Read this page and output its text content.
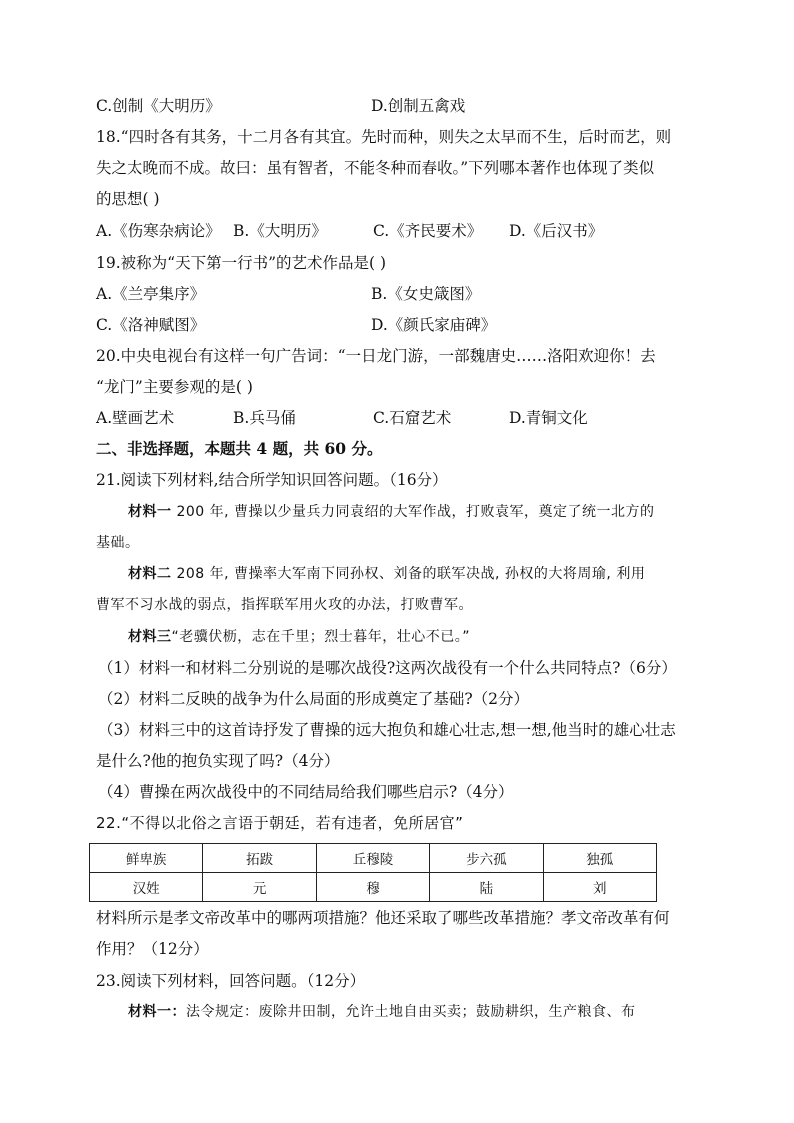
C.创制《大明历》	D.创制五禽戏
18.“四时各有其务，十二月各有其宜。先时而种，则失之太早而不生，后时而艺，则
失之太晚而不成。故曰：虽有智者，不能冬种而春收。”下列哪本著作也体现了类似
的思想( )
A.《伤寒杂病论》 B.《大明历》	C.《齐民要术》 D.《后汉书》
19.被称为“天下第一行书”的艺术作品是( )
A.《兰亭集序》	B.《女史箴图》
C.《洛神赋图》	D.《颜氏家庙碑》
20.中央电视台有这样一句广告词：“一日龙门游，一部魏唐史……洛阳欢迎你！去
“龙门”主要参观的是( )
A.壁画艺术	B.兵马俑	C.石窟艺术	D.青铜文化
二、非选择题，本题共 4 题，共 60 分。
21.阅读下列材料,结合所学知识回答问题。（16分）
材料一 200 年, 曹操以少量兵力同袁绍的大军作战，打败袁军，奠定了统一北方的
基础。
材料二 208 年, 曹操率大军南下同孙权、刘备的联军决战, 孙权的大将周瑜, 利用
曹军不习水战的弱点，指挥联军用火攻的办法，打败曹军。
材料三“老骥伏枥，志在千里；烈士暮年，壮心不已。”
（1）材料一和材料二分别说的是哪次战役?这两次战役有一个什么共同特点?（6分）
（2）材料二反映的战争为什么局面的形成奠定了基础?（2分）
（3）材料三中的这首诗抒发了曹操的远大抱负和雄心壮志,想一想,他当时的雄心壮志
是什么?他的抱负实现了吗?（4分）
（4）曹操在两次战役中的不同结局给我们哪些启示?（4分）
22.“不得以北俗之言语于朝廷，若有违者，免所居官”
鲜卑族	拓跋	丘穆陵	步六孤	独孤
汉姓	元	穆	陆	刘
材料所示是孝文帝改革中的哪两项措施？他还采取了哪些改革措施？孝文帝改革有何
作用？（12分）
23.阅读下列材料，回答问题。（12分）
材料一：法令规定：废除井田制，允许土地自由买卖；鼓励耕织，生产粮食、布
